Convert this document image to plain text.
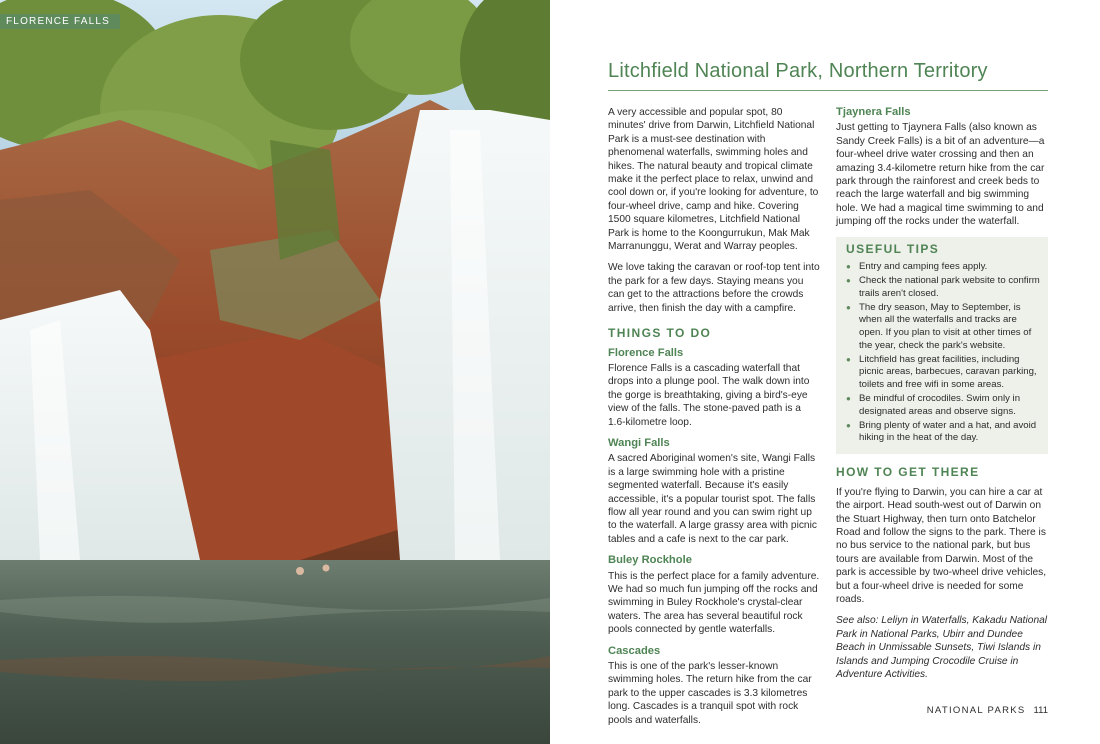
FLORENCE FALLS
Litchfield National Park, Northern Territory

A very accessible and popular spot, 80 minutes' drive from Darwin, Litchfield National Park is a must-see destination with phenomenal waterfalls, swimming holes and hikes. The natural beauty and tropical climate make it the perfect place to relax, unwind and cool down or, if you're looking for adventure, to four-wheel drive, camp and hike. Covering 1500 square kilometres, Litchfield National Park is home to the Koongurrukun, Mak Mak Marranunggu, Werat and Warray peoples.

We love taking the caravan or roof-top tent into the park for a few days. Staying means you can get to the attractions before the crowds arrive, then finish the day with a campfire.

THINGS TO DO
Florence Falls

Florence Falls is a cascading waterfall that drops into a plunge pool. The walk down into the gorge is breathtaking, giving a bird's-eye view of the falls. The stone-paved path is a 1.6-kilometre loop.

Wangi Falls

A sacred Aboriginal women's site, Wangi Falls is a large swimming hole with a pristine segmented waterfall. Because it's easily accessible, it's a popular tourist spot. The falls flow all year round and you can swim right up to the waterfall. A large grassy area with picnic tables and a cafe is next to the car park.

Buley Rockhole

This is the perfect place for a family adventure. We had so much fun jumping off the rocks and swimming in Buley Rockhole's crystal-clear waters. The area has several beautiful rock pools connected by gentle waterfalls.

Cascades

This is one of the park's lesser-known swimming holes. The return hike from the car park to the upper cascades is 3.3 kilometres long. Cascades is a tranquil spot with rock pools and waterfalls.

Tjaynera Falls

Just getting to Tjaynera Falls (also known as Sandy Creek Falls) is a bit of an adventure—a four-wheel drive water crossing and then an amazing 3.4-kilometre return hike from the car park through the rainforest and creek beds to reach the large waterfall and big swimming hole. We had a magical time swimming to and jumping off the rocks under the waterfall.

USEFUL TIPS
● Entry and camping fees apply.
● Check the national park website to confirm trails aren't closed.
● The dry season, May to September, is when all the waterfalls and tracks are open. If you plan to visit at other times of the year, check the park's website.
● Litchfield has great facilities, including picnic areas, barbecues, caravan parking, toilets and free wifi in some areas.
● Be mindful of crocodiles. Swim only in designated areas and observe signs.
● Bring plenty of water and a hat, and avoid hiking in the heat of the day.
HOW TO GET THERE

If you're flying to Darwin, you can hire a car at the airport. Head south-west out of Darwin on the Stuart Highway, then turn onto Batchelor Road and follow the signs to the park. There is no bus service to the national park, but bus tours are available from Darwin. Most of the park is accessible by two-wheel drive vehicles, but a four-wheel drive is needed for some roads.

See also: Leliyn in Waterfalls, Kakadu National Park in National Parks, Ubirr and Dundee Beach in Unmissable Sunsets, Tiwi Islands in Islands and Jumping Crocodile Cruise in Adventure Activities.

NATIONAL PARKS 111
